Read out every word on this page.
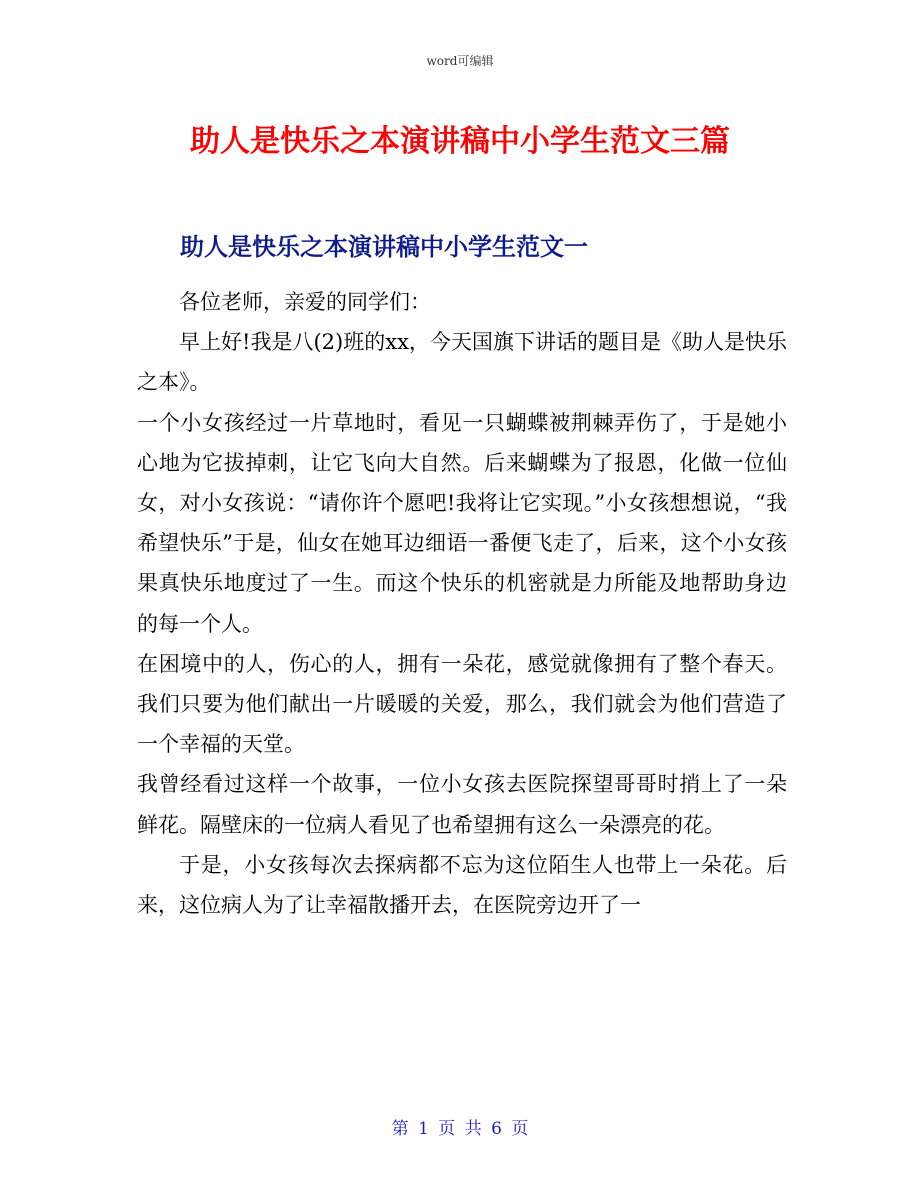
word可编辑
助人是快乐之本演讲稿中小学生范文三篇
助人是快乐之本演讲稿中小学生范文一

各位老师，亲爱的同学们：

早上好!我是八(2)班的xx，今天国旗下讲话的题目是《助人是快乐之本》。

一个小女孩经过一片草地时，看见一只蝴蝶被荆棘弄伤了，于是她小心地为它拔掉刺，让它飞向大自然。后来蝴蝶为了报恩，化做一位仙女，对小女孩说：“请你许个愿吧!我将让它实现。”小女孩想想说，“我希望快乐”于是，仙女在她耳边细语一番便飞走了，后来，这个小女孩果真快乐地度过了一生。而这个快乐的机密就是力所能及地帮助身边的每一个人。

在困境中的人，伤心的人，拥有一朵花，感觉就像拥有了整个春天。我们只要为他们献出一片暖暖的关爱，那么，我们就会为他们营造了一个幸福的天堂。

我曾经看过这样一个故事，一位小女孩去医院探望哥哥时捎上了一朵鲜花。隔壁床的一位病人看见了也希望拥有这么一朵漂亮的花。

于是，小女孩每次去探病都不忘为这位陌生人也带上一朵花。后来，这位病人为了让幸福散播开去，在医院旁边开了一

第 1 页 共 6 页
